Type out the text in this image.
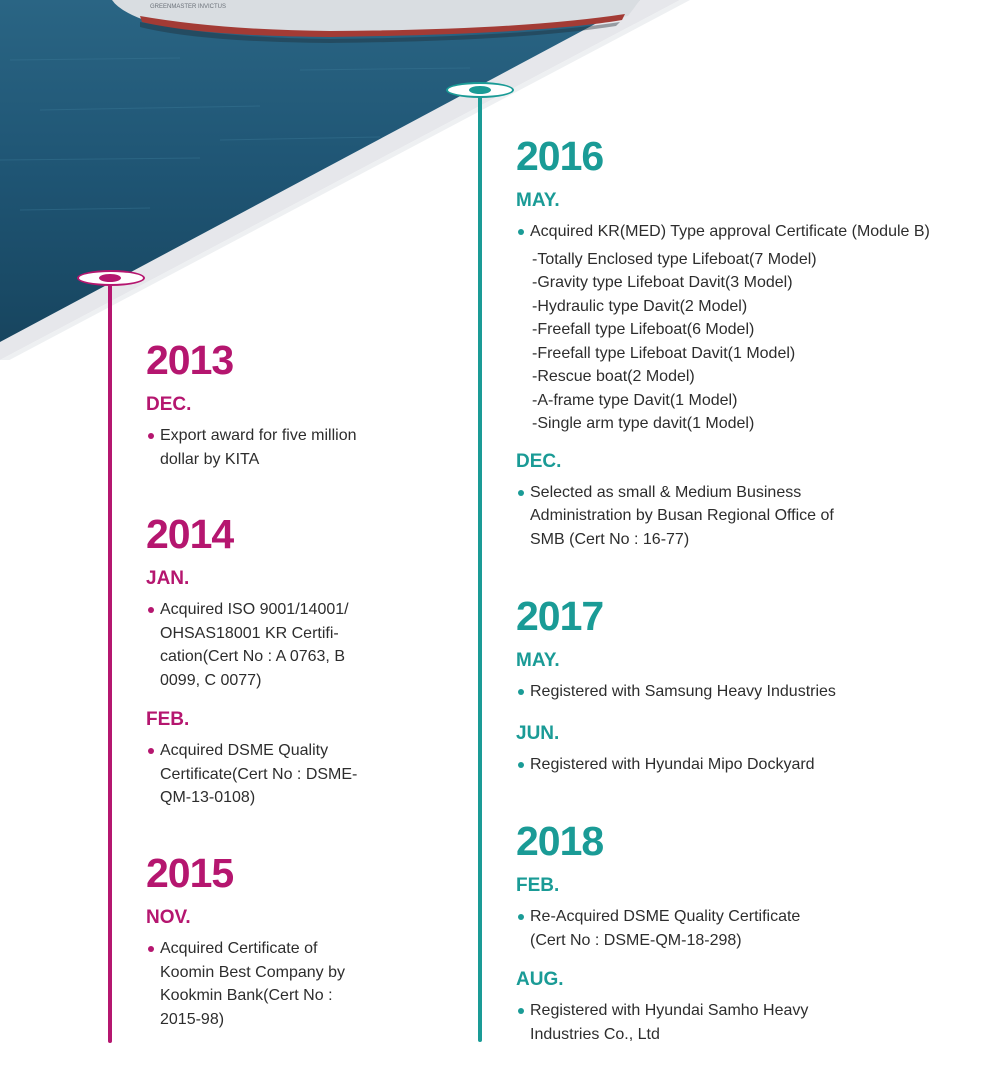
GREENMASTER INVICTUS
2013
DEC.
Export award for five million
dollar by KITA
2014
JAN.
Acquired ISO 9001/14001/
OHSAS18001 KR Certifi-
cation(Cert No : A 0763, B
0099, C 0077)
FEB.
Acquired DSME Quality
Certificate(Cert No : DSME-
QM-13-0108)
2015
NOV.
Acquired Certificate of
Koomin Best Company by
Kookmin Bank(Cert No :
2015-98)
2016
MAY.
Acquired KR(MED) Type approval Certificate (Module B)
-Totally Enclosed type Lifeboat(7 Model)
-Gravity type Lifeboat Davit(3 Model)
-Hydraulic type Davit(2 Model)
-Freefall type Lifeboat(6 Model)
-Freefall type Lifeboat Davit(1 Model)
-Rescue boat(2 Model)
-A-frame type Davit(1 Model)
-Single arm type davit(1 Model)
DEC.
Selected as small & Medium Business
Administration by Busan Regional Office of
SMB (Cert No : 16-77)
2017
MAY.
Registered with Samsung Heavy Industries
JUN.
Registered with Hyundai Mipo Dockyard
2018
FEB.
Re-Acquired DSME Quality Certificate
(Cert No : DSME-QM-18-298)
AUG.
Registered with Hyundai Samho Heavy
Industries Co., Ltd
